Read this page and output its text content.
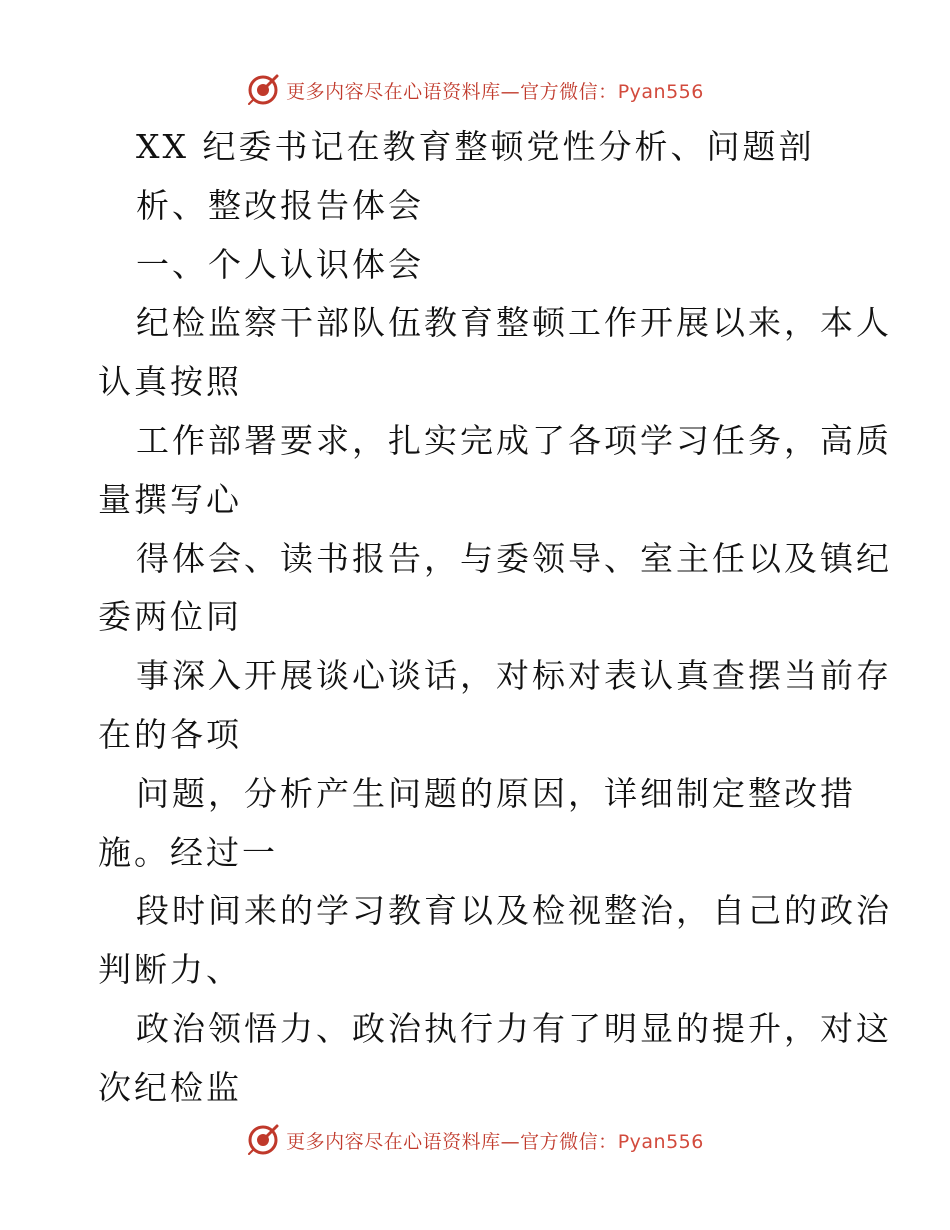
更多内容尽在心语资料库—官方微信：Pyan556
XX 纪委书记在教育整顿党性分析、问题剖
析、整改报告体会
一、个人认识体会
纪检监察干部队伍教育整顿工作开展以来，本人
认真按照
工作部署要求，扎实完成了各项学习任务，高质
量撰写心
得体会、读书报告，与委领导、室主任以及镇纪
委两位同
事深入开展谈心谈话，对标对表认真查摆当前存
在的各项
问题，分析产生问题的原因，详细制定整改措
施。经过一
段时间来的学习教育以及检视整治，自己的政治
判断力、
政治领悟力、政治执行力有了明显的提升，对这
次纪检监
更多内容尽在心语资料库—官方微信：Pyan556
